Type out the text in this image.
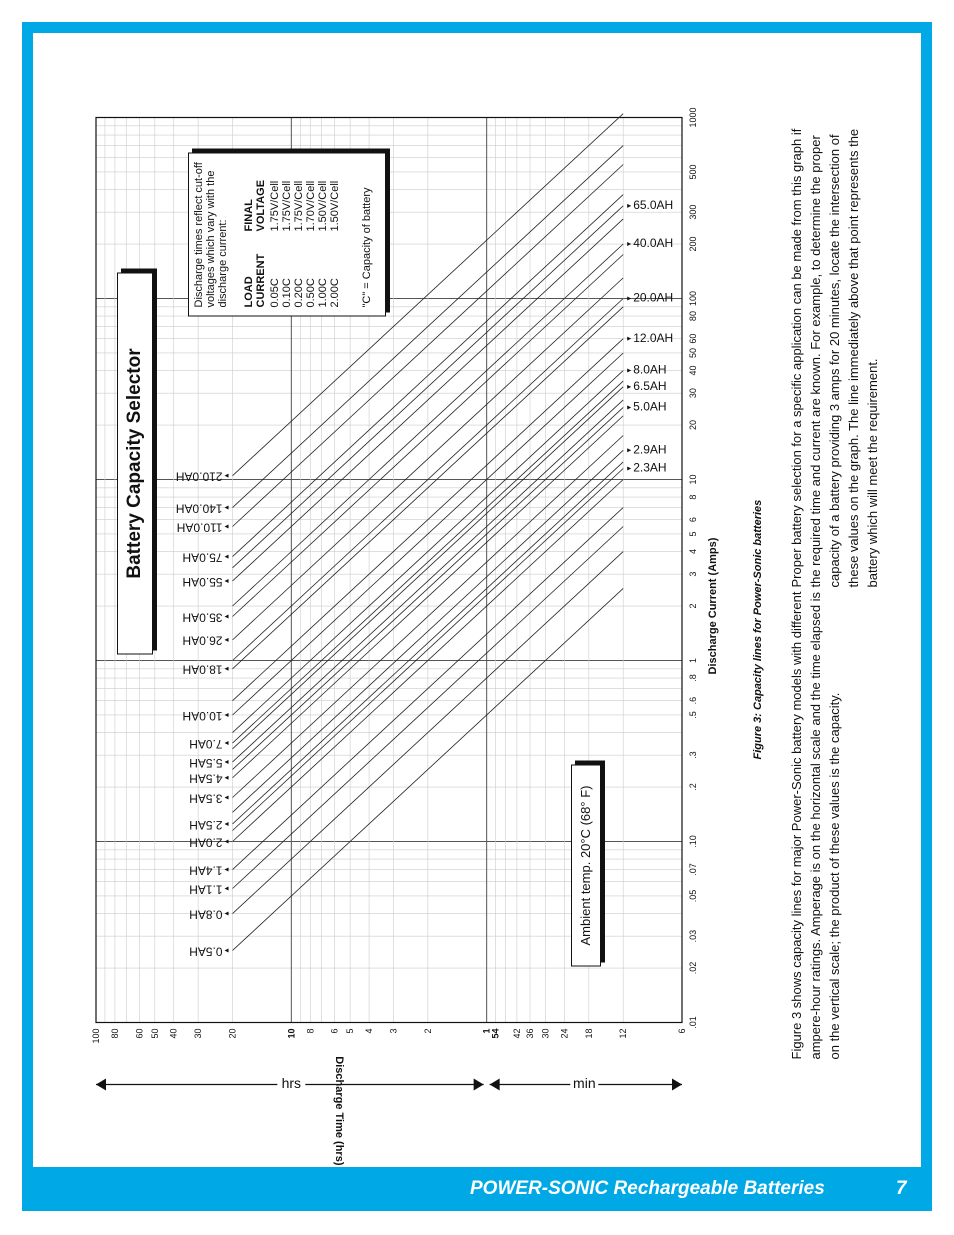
POWER-SONIC Rechargeable Batteries	7
.01
.02
.03
.05
.07
.10
.2
.3
.5
.6
.8
1
2
3
4
5
6
8
10
20
30
40
50
60
80
100
200
300
500
1000
100 80 60 50 40 30	20	10 8 6 5 4 3	2	1
54 42 36 30 24 18	12	6
hrs	min
0.5AH
0.8AH
1.1AH
1.4AH
2.0AH
2.5AH
3.5AH
4.5AH
5.5AH
7.0AH
10.0AH
18.0AH
26.0AH
35.0AH
55.0AH
75.0AH
110.0AH
140.0AH
210.0AH
2.3AH
2.9AH
5.0AH
6.5AH
8.0AH
12.0AH
20.0AH
40.0AH
65.0AH
Discharge Time (hrs)
Discharge Current (Amps)	Figure 3: Capacity lines for Power-Sonic batteries
Battery Capacity Selector
Ambient temp. 20°C (68° F)
Discharge times reflect cut-off voltages which vary with the discharge current: LOAD CURRENT
FINAL VOLTAGE
0.05C
1.75V/Cell
0.10C
1.75V/Cell
0.20C
1.75V/Cell
0.50C
1.70V/Cell
1.00C
1.50V/Cell
2.00C
1.50V/Cell "C" = Capacity of battery

Figure 3 shows capacity lines for major Power-Sonic battery models with different ampere-hour ratings. Amperage is on the horizontal scale and the time elapsed is on the vertical scale; the product of these values is the capacity.

Proper battery selection for a specific application can be made from this graph if the required time and current are known. For example, to determine the proper capacity of a battery providing 3 amps for 20 minutes, locate the intersection of these values on the graph. The line immediately above that point represents the battery which will meet the requirement.
